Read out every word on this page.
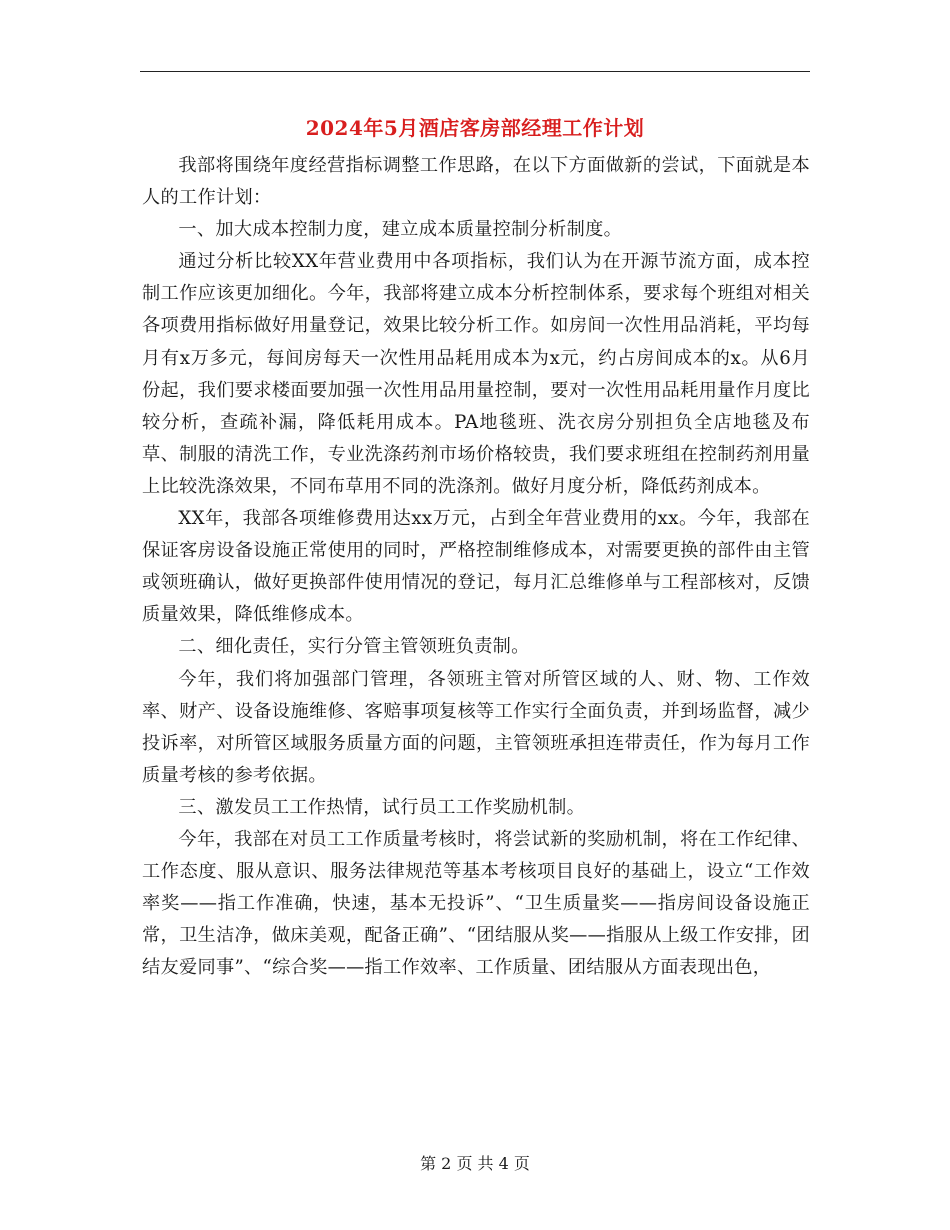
2024年5月酒店客房部经理工作计划

我部将围绕年度经营指标调整工作思路，在以下方面做新的尝试，下面就是本人的工作计划：

一、加大成本控制力度，建立成本质量控制分析制度。

通过分析比较XX年营业费用中各项指标，我们认为在开源节流方面，成本控制工作应该更加细化。今年，我部将建立成本分析控制体系，要求每个班组对相关各项费用指标做好用量登记，效果比较分析工作。如房间一次性用品消耗，平均每月有x万多元，每间房每天一次性用品耗用成本为x元，约占房间成本的x。从6月份起，我们要求楼面要加强一次性用品用量控制，要对一次性用品耗用量作月度比较分析，查疏补漏，降低耗用成本。PA地毯班、洗衣房分别担负全店地毯及布草、制服的清洗工作，专业洗涤药剂市场价格较贵，我们要求班组在控制药剂用量上比较洗涤效果，不同布草用不同的洗涤剂。做好月度分析，降低药剂成本。

XX年，我部各项维修费用达xx万元，占到全年营业费用的xx。今年，我部在保证客房设备设施正常使用的同时，严格控制维修成本，对需要更换的部件由主管或领班确认，做好更换部件使用情况的登记，每月汇总维修单与工程部核对，反馈质量效果，降低维修成本。

二、细化责任，实行分管主管领班负责制。

今年，我们将加强部门管理，各领班主管对所管区域的人、财、物、工作效率、财产、设备设施维修、客赔事项复核等工作实行全面负责，并到场监督，减少投诉率，对所管区域服务质量方面的问题，主管领班承担连带责任，作为每月工作质量考核的参考依据。

三、激发员工工作热情，试行员工工作奖励机制。

今年，我部在对员工工作质量考核时，将尝试新的奖励机制，将在工作纪律、工作态度、服从意识、服务法律规范等基本考核项目良好的基础上，设立“工作效率奖——指工作准确，快速，基本无投诉”、“卫生质量奖——指房间设备设施正常，卫生洁净，做床美观，配备正确”、“团结服从奖——指服从上级工作安排，团结友爱同事”、“综合奖——指工作效率、工作质量、团结服从方面表现出色，

第 2 页 共 4 页
